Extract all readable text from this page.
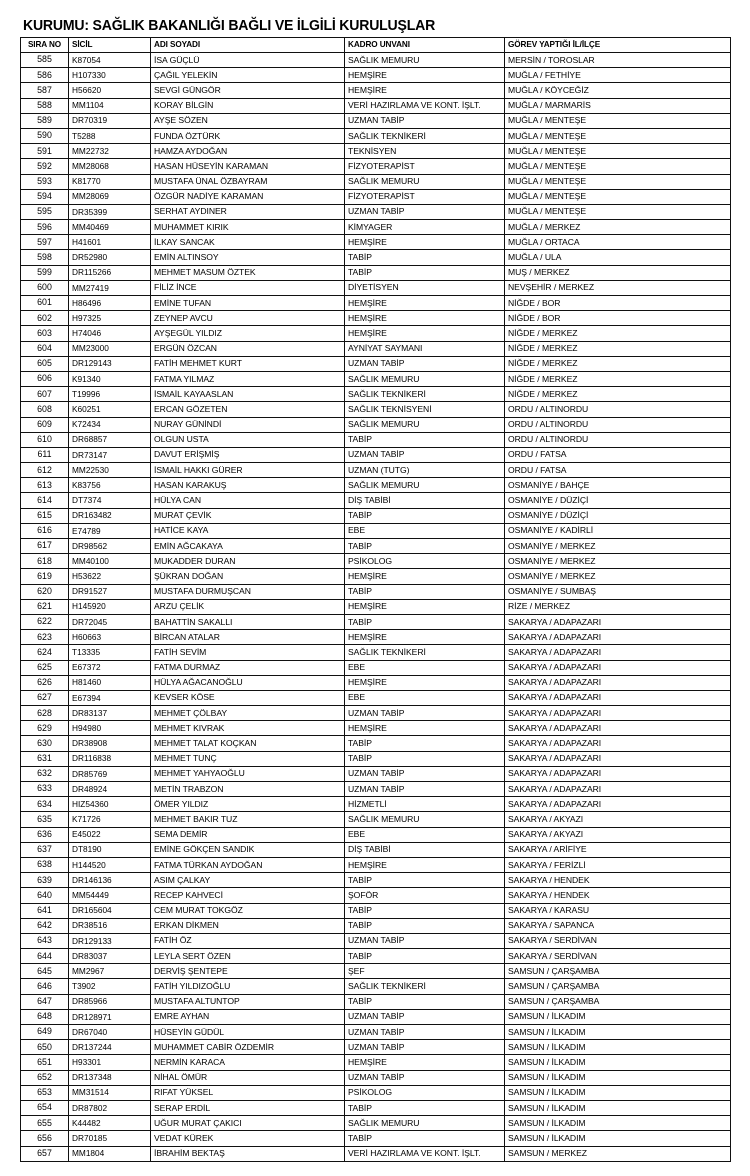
KURUMU: SAĞLIK BAKANLIĞI BAĞLI VE İLGİLİ KURULUŞLAR
SIRA NO	SİCİL	ADI SOYADI	KADRO UNVANI	GÖREV YAPTIĞI İL/İLÇE
585	K87054	İSA GÜÇLÜ	SAĞLIK MEMURU	MERSİN / TOROSLAR
586	H107330	ÇAĞIL YELEKİN	HEMŞİRE	MUĞLA / FETHİYE
587	H56620	SEVGİ GÜNGÖR	HEMŞİRE	MUĞLA / KÖYCEĞİZ
588	MM1104	KORAY BİLGİN	VERİ HAZIRLAMA VE KONT. İŞLT.	MUĞLA / MARMARİS
589	DR70319	AYŞE SÖZEN	UZMAN TABİP	MUĞLA / MENTEŞE
590	T5288	FUNDA ÖZTÜRK	SAĞLIK TEKNİKERİ	MUĞLA / MENTEŞE
591	MM22732	HAMZA AYDOĞAN	TEKNİSYEN	MUĞLA / MENTEŞE
592	MM28068	HASAN HÜSEYİN KARAMAN	FİZYOTERAPİST	MUĞLA / MENTEŞE
593	K81770	MUSTAFA ÜNAL ÖZBAYRAM	SAĞLIK MEMURU	MUĞLA / MENTEŞE
594	MM28069	ÖZGÜR NADİYE KARAMAN	FİZYOTERAPİST	MUĞLA / MENTEŞE
595	DR35399	SERHAT AYDINER	UZMAN TABİP	MUĞLA / MENTEŞE
596	MM40469	MUHAMMET KIRIK	KİMYAGER	MUĞLA / MERKEZ
597	H41601	İLKAY SANCAK	HEMŞİRE	MUĞLA / ORTACA
598	DR52980	EMİN ALTINSOY	TABİP	MUĞLA / ULA
599	DR115266	MEHMET MASUM ÖZTEK	TABİP	MUŞ / MERKEZ
600	MM27419	FİLİZ İNCE	DİYETİSYEN	NEVŞEHİR / MERKEZ
601	H86496	EMİNE TUFAN	HEMŞİRE	NİĞDE / BOR
602	H97325	ZEYNEP AVCU	HEMŞİRE	NİĞDE / BOR
603	H74046	AYŞEGÜL YILDIZ	HEMŞİRE	NİĞDE / MERKEZ
604	MM23000	ERGÜN ÖZCAN	AYNİYAT SAYMANI	NİĞDE / MERKEZ
605	DR129143	FATİH MEHMET KURT	UZMAN TABİP	NİĞDE / MERKEZ
606	K91340	FATMA YILMAZ	SAĞLIK MEMURU	NİĞDE / MERKEZ
607	T19996	İSMAİL KAYAASLAN	SAĞLIK TEKNİKERİ	NİĞDE / MERKEZ
608	K60251	ERCAN GÖZETEN	SAĞLIK TEKNİSYENİ	ORDU / ALTINORDU
609	K72434	NURAY GÜNİNDİ	SAĞLIK MEMURU	ORDU / ALTINORDU
610	DR68857	OLGUN USTA	TABİP	ORDU / ALTINORDU
611	DR73147	DAVUT ERİŞMİŞ	UZMAN TABİP	ORDU / FATSA
612	MM22530	İSMAİL HAKKI GÜRER	UZMAN (TUTG)	ORDU / FATSA
613	K83756	HASAN KARAKUŞ	SAĞLIK MEMURU	OSMANİYE / BAHÇE
614	DT7374	HÜLYA CAN	DİŞ TABİBİ	OSMANİYE / DÜZİÇİ
615	DR163482	MURAT ÇEVİK	TABİP	OSMANİYE / DÜZİÇİ
616	E74789	HATİCE KAYA	EBE	OSMANİYE / KADİRLİ
617	DR98562	EMİN AĞCAKAYA	TABİP	OSMANİYE / MERKEZ
618	MM40100	MUKADDER DURAN	PSİKOLOG	OSMANİYE / MERKEZ
619	H53622	ŞÜKRAN DOĞAN	HEMŞİRE	OSMANİYE / MERKEZ
620	DR91527	MUSTAFA DURMUŞCAN	TABİP	OSMANİYE / SUMBAŞ
621	H145920	ARZU ÇELİK	HEMŞİRE	RİZE / MERKEZ
622	DR72045	BAHATTİN SAKALLI	TABİP	SAKARYA / ADAPAZARI
623	H60663	BİRCAN ATALAR	HEMŞİRE	SAKARYA / ADAPAZARI
624	T13335	FATİH SEVİM	SAĞLIK TEKNİKERİ	SAKARYA / ADAPAZARI
625	E67372	FATMA DURMAZ	EBE	SAKARYA / ADAPAZARI
626	H81460	HÜLYA AĞACANOĞLU	HEMŞİRE	SAKARYA / ADAPAZARI
627	E67394	KEVSER KÖSE	EBE	SAKARYA / ADAPAZARI
628	DR83137	MEHMET ÇÖLBAY	UZMAN TABİP	SAKARYA / ADAPAZARI
629	H94980	MEHMET KIVRAK	HEMŞİRE	SAKARYA / ADAPAZARI
630	DR38908	MEHMET TALAT KOÇKAN	TABİP	SAKARYA / ADAPAZARI
631	DR116838	MEHMET TUNÇ	TABİP	SAKARYA / ADAPAZARI
632	DR85769	MEHMET YAHYAOĞLU	UZMAN TABİP	SAKARYA / ADAPAZARI
633	DR48924	METİN TRABZON	UZMAN TABİP	SAKARYA / ADAPAZARI
634	HIZ54360	ÖMER YILDIZ	HİZMETLİ	SAKARYA / ADAPAZARI
635	K71726	MEHMET BAKIR TUZ	SAĞLIK MEMURU	SAKARYA / AKYAZI
636	E45022	SEMA DEMİR	EBE	SAKARYA / AKYAZI
637	DT8190	EMİNE GÖKÇEN SANDIK	DİŞ TABİBİ	SAKARYA / ARİFİYE
638	H144520	FATMA TÜRKAN AYDOĞAN	HEMŞİRE	SAKARYA / FERİZLİ
639	DR146136	ASIM ÇALKAY	TABİP	SAKARYA / HENDEK
640	MM54449	RECEP KAHVECİ	ŞOFÖR	SAKARYA / HENDEK
641	DR165604	CEM MURAT TOKGÖZ	TABİP	SAKARYA / KARASU
642	DR38516	ERKAN DİKMEN	TABİP	SAKARYA / SAPANCA
643	DR129133	FATİH ÖZ	UZMAN TABİP	SAKARYA / SERDİVAN
644	DR83037	LEYLA SERT ÖZEN	TABİP	SAKARYA / SERDİVAN
645	MM2967	DERVİŞ ŞENTEPE	ŞEF	SAMSUN / ÇARŞAMBA
646	T3902	FATİH YILDIZOĞLU	SAĞLIK TEKNİKERİ	SAMSUN / ÇARŞAMBA
647	DR85966	MUSTAFA ALTUNTOP	TABİP	SAMSUN / ÇARŞAMBA
648	DR128971	EMRE AYHAN	UZMAN TABİP	SAMSUN / İLKADIM
649	DR67040	HÜSEYİN GÜDÜL	UZMAN TABİP	SAMSUN / İLKADIM
650	DR137244	MUHAMMET CABİR ÖZDEMİR	UZMAN TABİP	SAMSUN / İLKADIM
651	H93301	NERMİN KARACA	HEMŞİRE	SAMSUN / İLKADIM
652	DR137348	NİHAL ÖMÜR	UZMAN TABİP	SAMSUN / İLKADIM
653	MM31514	RIFAT YÜKSEL	PSİKOLOG	SAMSUN / İLKADIM
654	DR87802	SERAP ERDİL	TABİP	SAMSUN / İLKADIM
655	K44482	UĞUR MURAT ÇAKICI	SAĞLIK MEMURU	SAMSUN / İLKADIM
656	DR70185	VEDAT KÜREK	TABİP	SAMSUN / İLKADIM
657	MM1804	İBRAHİM BEKTAŞ	VERİ HAZIRLAMA VE KONT. İŞLT.	SAMSUN / MERKEZ
